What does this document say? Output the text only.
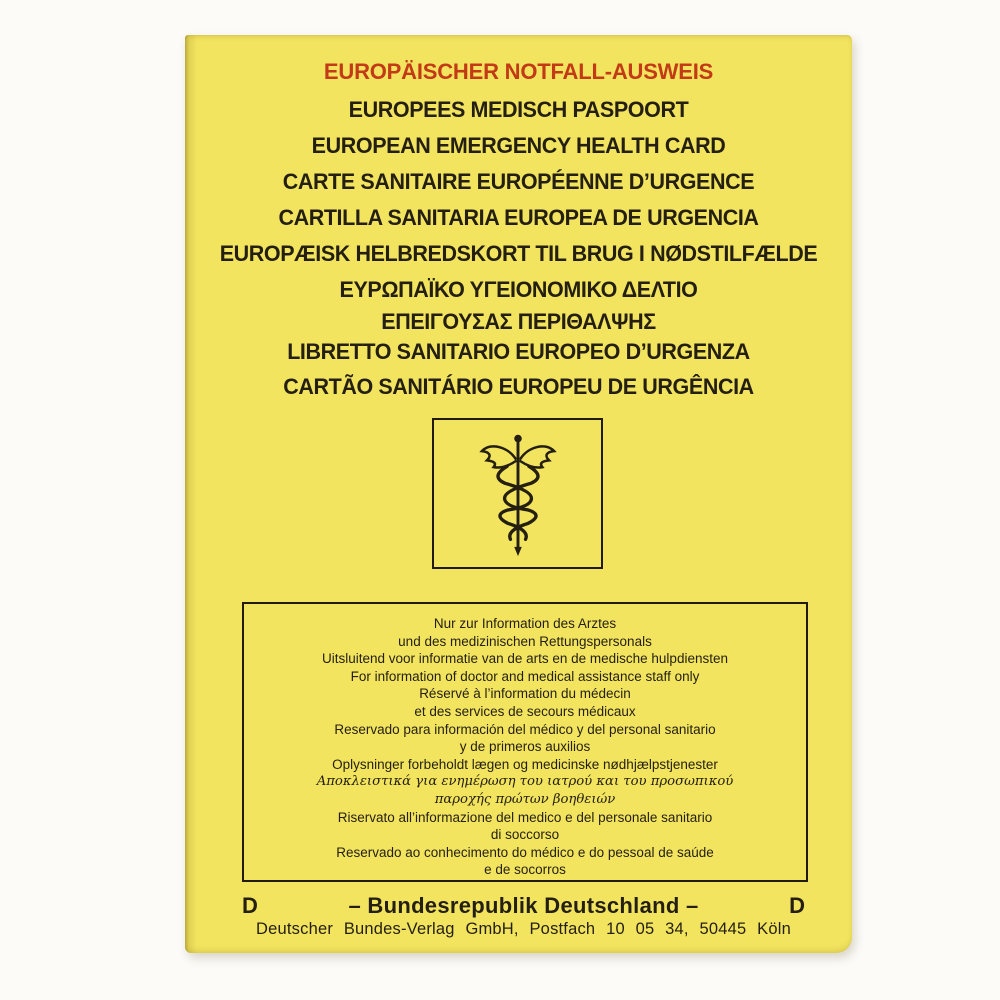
EUROPÄISCHER NOTFALL-AUSWEIS
EUROPEES MEDISCH PASPOORT
EUROPEAN EMERGENCY HEALTH CARD
CARTE SANITAIRE EUROPÉENNE D’URGENCE
CARTILLA SANITARIA EUROPEA DE URGENCIA
EUROPÆISK HELBREDSKORT TIL BRUG I NØDSTILFÆLDE
ΕΥΡΩΠΑΪΚΟ ΥΓΕΙΟΝΟΜΙΚΟ ΔΕΛΤΙΟ
ΕΠΕΙΓΟΥΣΑΣ ΠΕΡΙΘΑΛΨΗΣ
LIBRETTO SANITARIO EUROPEO D’URGENZA
CARTÃO SANITÁRIO EUROPEU DE URGÊNCIA
Nur zur Information des Arztes
und des medizinischen Rettungspersonals
Uitsluitend voor informatie van de arts en de medische hulpdiensten
For information of doctor and medical assistance staff only
Réservé à l’information du médecin
et des services de secours médicaux
Reservado para información del médico y del personal sanitario
y de primeros auxilios
Oplysninger forbeholdt lægen og medicinske nødhjælpstjenester
Αποκλειστικά για ενημέρωση του ιατρού και του προσωπικού
παροχής πρώτων βοηθειών
Riservato all’informazione del medico e del personale sanitario
di soccorso
Reservado ao conhecimento do médico e do pessoal de saúde
e de socorros
D	– Bundesrepublik Deutschland –	D
Deutscher Bundes-Verlag GmbH, Postfach 10 05 34, 50445 Köln
